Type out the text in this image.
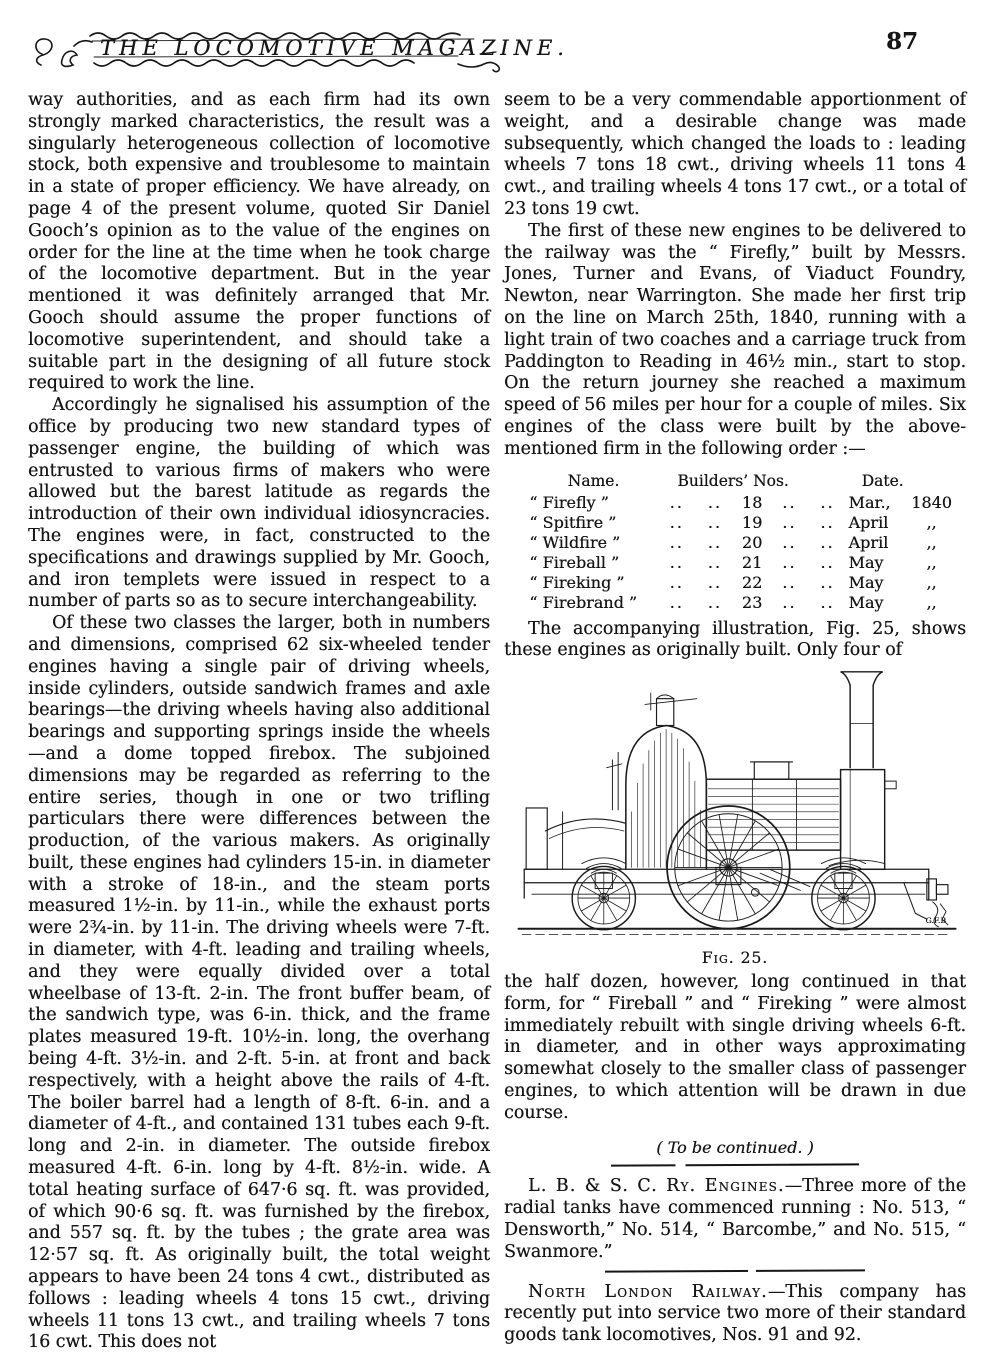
THE LOCOMOTIVE MAGAZINE.	87

way authorities, and as each firm had its own strongly marked characteristics, the result was a singularly heterogeneous collection of locomotive stock, both expensive and troublesome to maintain in a state of proper efficiency. We have already, on page 4 of the present volume, quoted Sir Daniel Gooch’s opinion as to the value of the engines on order for the line at the time when he took charge of the locomotive department. But in the year mentioned it was definitely arranged that Mr. Gooch should assume the proper functions of locomotive superintendent, and should take a suitable part in the designing of all future stock required to work the line.

Accordingly he signalised his assumption of the office by producing two new standard types of passenger engine, the building of which was entrusted to various firms of makers who were allowed but the barest latitude as regards the introduction of their own individual idiosyncracies. The engines were, in fact, constructed to the specifications and drawings supplied by Mr. Gooch, and iron templets were issued in respect to a number of parts so as to secure interchangeability.

Of these two classes the larger, both in numbers and dimensions, comprised 62 six-wheeled tender engines having a single pair of driving wheels, inside cylinders, outside sandwich frames and axle bearings—the driving wheels having also additional bearings and supporting springs inside the wheels—and a dome topped firebox. The subjoined dimensions may be regarded as referring to the entire series, though in one or two trifling particulars there were differences between the production, of the various makers. As originally built, these engines had cylinders 15-in. in diameter with a stroke of 18-in., and the steam ports measured 1½-in. by 11-in., while the exhaust ports were 2¾-in. by 11-in. The driving wheels were 7-ft. in diameter, with 4-ft. leading and trailing wheels, and they were equally divided over a total wheelbase of 13-ft. 2-in. The front buffer beam, of the sandwich type, was 6-in. thick, and the frame plates measured 19-ft. 10½-in. long, the overhang being 4-ft. 3½-in. and 2-ft. 5-in. at front and back respectively, with a height above the rails of 4-ft. The boiler barrel had a length of 8-ft. 6-in. and a diameter of 4-ft., and contained 131 tubes each 9-ft. long and 2-in. in diameter. The outside firebox measured 4-ft. 6-in. long by 4-ft. 8½-in. wide. A total heating surface of 647·6 sq. ft. was provided, of which 90·6 sq. ft. was furnished by the firebox, and 557 sq. ft. by the tubes ; the grate area was 12·57 sq. ft. As originally built, the total weight appears to have been 24 tons 4 cwt., distributed as follows : leading wheels 4 tons 15 cwt., driving wheels 11 tons 13 cwt., and trailing wheels 7 tons 16 cwt. This does not

seem to be a very commendable apportionment of weight, and a desirable change was made subsequently, which changed the loads to : leading wheels 7 tons 18 cwt., driving wheels 11 tons 4 cwt., and trailing wheels 4 tons 17 cwt., or a total of 23 tons 19 cwt.

The first of these new engines to be delivered to the railway was the “ Firefly,” built by Messrs. Jones, Turner and Evans, of Viaduct Foundry, Newton, near Warrington. She made her first trip on the line on March 25th, 1840, running with a light train of two coaches and a carriage truck from Paddington to Reading in 46½ min., start to stop. On the return journey she reached a maximum speed of 56 miles per hour for a couple of miles. Six engines of the class were built by the above-mentioned firm in the following order :—

Name.	Builders’ Nos.				Date.		
“ Firefly ”	..	..	18	..	..	Mar.,	1840
“ Spitfire ”	..	..	19	..	..	April	,,
“ Wildfire ”	..	..	20	..	..	April	,,
“ Fireball ”	..	..	21	..	..	May	,,
“ Fireking ”	..	..	22	..	..	May	,,
“ Firebrand ”	..	..	23	..	..	May	,,

The accompanying illustration, Fig. 25, shows these engines as originally built. Only four of

G.F.B
Fig. 25.

the half dozen, however, long continued in that form, for “ Fireball ” and “ Fireking ” were almost immediately rebuilt with single driving wheels 6-ft. in diameter, and in other ways approximating somewhat closely to the smaller class of passenger engines, to which attention will be drawn in due course.

( To be continued. )

L. B. & S. C. Ry. Engines.—Three more of the radial tanks have commenced running : No. 513, “ Densworth,” No. 514, “ Barcombe,” and No. 515, “ Swanmore.”

North London Railway.—This company has recently put into service two more of their standard goods tank locomotives, Nos. 91 and 92.
